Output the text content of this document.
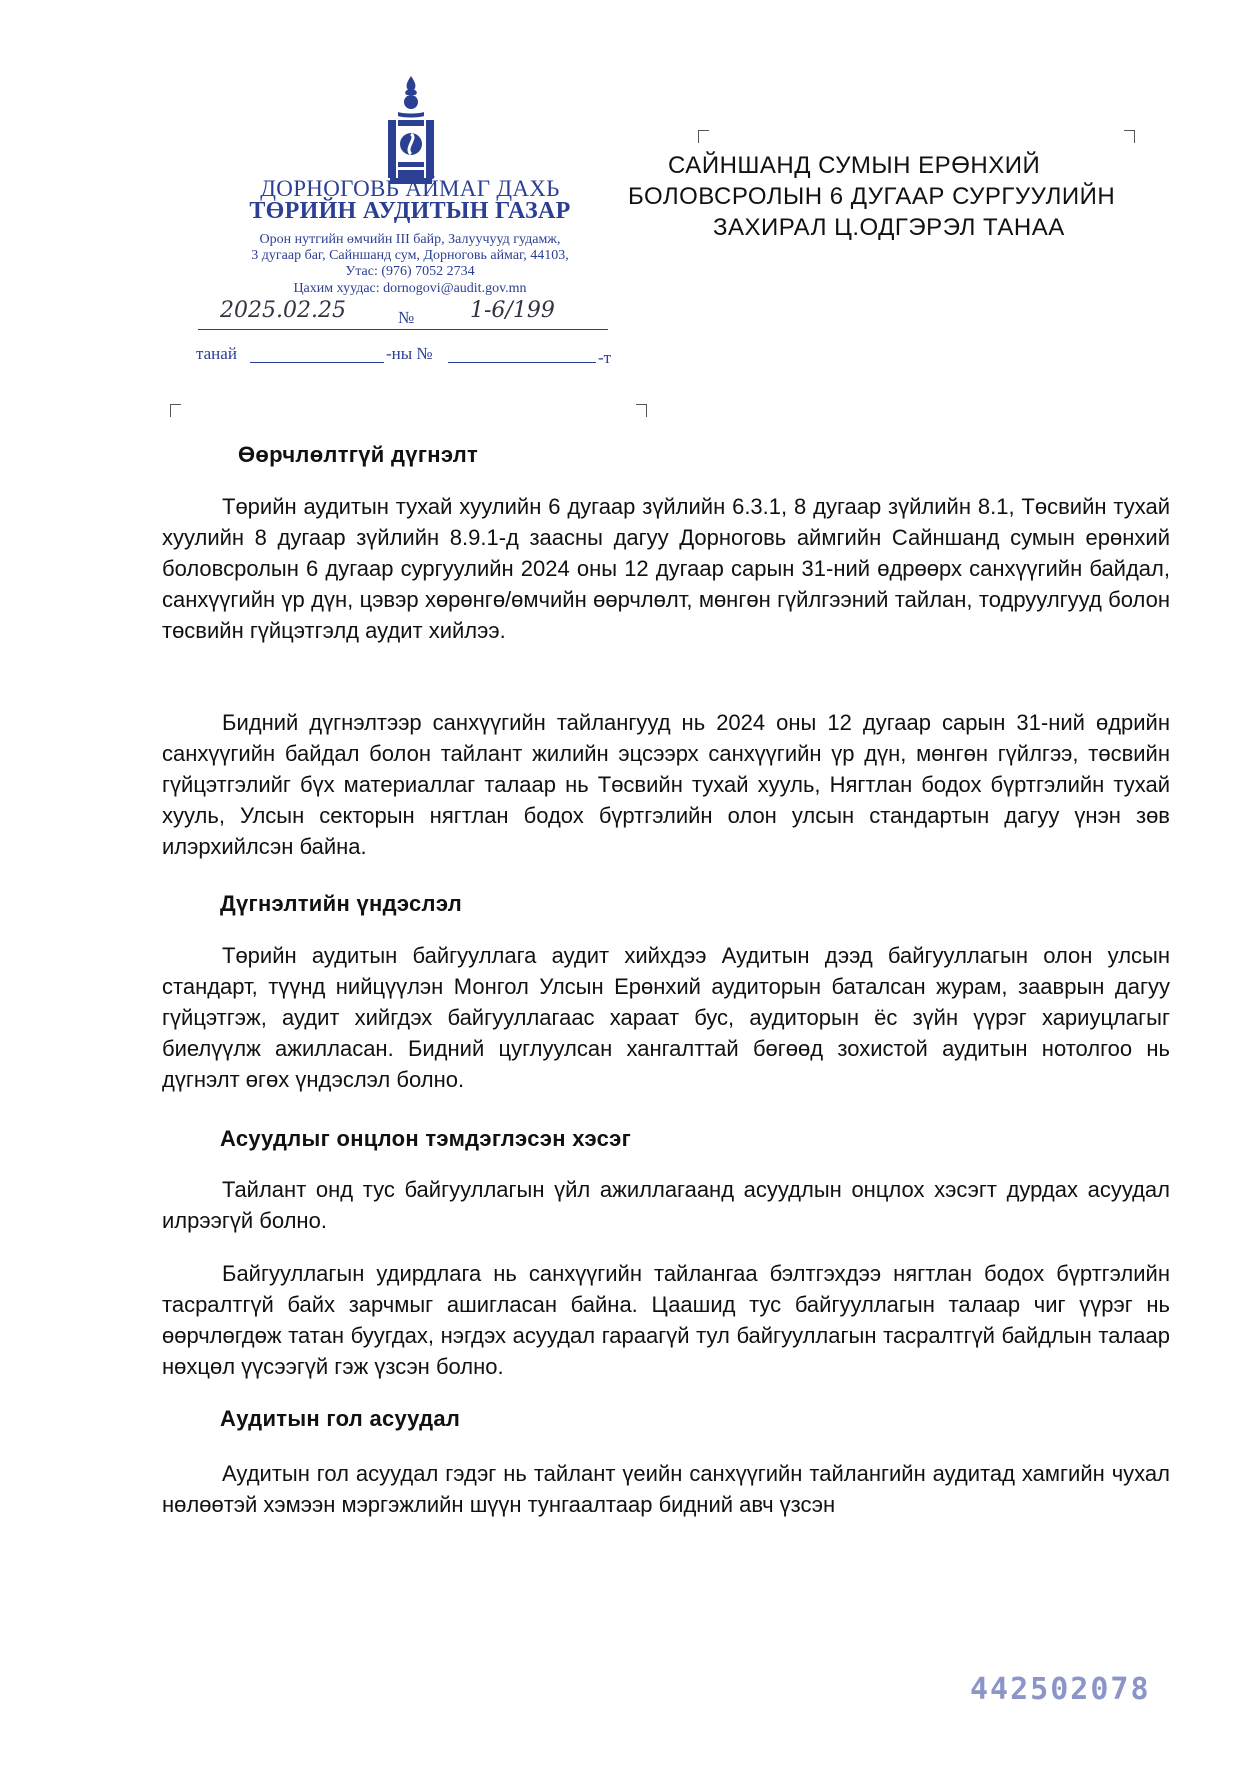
ДОРНОГОВЬ АЙМАГ ДАХЬ
ТӨРИЙН АУДИТЫН ГАЗАР
Орон нутгийн өмчийн III байр, Залуучууд гудамж,
3 дугаар баг, Сайншанд сум, Дорноговь аймаг, 44103,
Утас: (976) 7052 2734
Цахим хуудас: dornogovi@audit.gov.mn
2025.02.25	№	1-6/199
танай	-ны №	-т
САЙНШАНД СУМЫН ЕРӨНХИЙ
БОЛОВСРОЛЫН 6 ДУГААР СУРГУУЛИЙН
ЗАХИРАЛ Ц.ОДГЭРЭЛ ТАНАА
Өөрчлөлтгүй дүгнэлт
Төрийн аудитын тухай хуулийн 6 дугаар зүйлийн 6.3.1, 8 дугаар зүйлийн 8.1, Төсвийн тухай хуулийн 8 дугаар зүйлийн 8.9.1-д заасны дагуу Дорноговь аймгийн Сайншанд сумын ерөнхий боловсролын 6 дугаар сургуулийн 2024 оны 12 дугаар сарын 31-ний өдрөөрх санхүүгийн байдал, санхүүгийн үр дүн, цэвэр хөрөнгө/өмчийн өөрчлөлт, мөнгөн гүйлгээний тайлан, тодруулгууд болон төсвийн гүйцэтгэлд аудит хийлээ.
Бидний дүгнэлтээр санхүүгийн тайлангууд нь 2024 оны 12 дугаар сарын 31-ний өдрийн санхүүгийн байдал болон тайлант жилийн эцсээрх санхүүгийн үр дүн, мөнгөн гүйлгээ, төсвийн гүйцэтгэлийг бүх материаллаг талаар нь Төсвийн тухай хууль, Нягтлан бодох бүртгэлийн тухай хууль, Улсын секторын нягтлан бодох бүртгэлийн олон улсын стандартын дагуу үнэн зөв илэрхийлсэн байна.
Дүгнэлтийн үндэслэл
Төрийн аудитын байгууллага аудит хийхдээ Аудитын дээд байгууллагын олон улсын стандарт, түүнд нийцүүлэн Монгол Улсын Ерөнхий аудиторын баталсан журам, зааврын дагуу гүйцэтгэж, аудит хийгдэх байгууллагаас хараат бус, аудиторын ёс зүйн үүрэг хариуцлагыг биелүүлж ажилласан. Бидний цуглуулсан хангалттай бөгөөд зохистой аудитын нотолгоо нь дүгнэлт өгөх үндэслэл болно.
Асуудлыг онцлон тэмдэглэсэн хэсэг
Тайлант онд тус байгууллагын үйл ажиллагаанд асуудлын онцлох хэсэгт дурдах асуудал илрээгүй болно.
Байгууллагын удирдлага нь санхүүгийн тайлангаа бэлтгэхдээ нягтлан бодох бүртгэлийн тасралтгүй байх зарчмыг ашигласан байна. Цаашид тус байгууллагын талаар чиг үүрэг нь өөрчлөгдөж татан буугдах, нэгдэх асуудал гараагүй тул байгууллагын тасралтгүй байдлын талаар нөхцөл үүсээгүй гэж үзсэн болно.
Аудитын гол асуудал
Аудитын гол асуудал гэдэг нь тайлант үеийн санхүүгийн тайлангийн аудитад хамгийн чухал нөлөөтэй хэмээн мэргэжлийн шүүн тунгаалтаар бидний авч үзсэн
442502078
